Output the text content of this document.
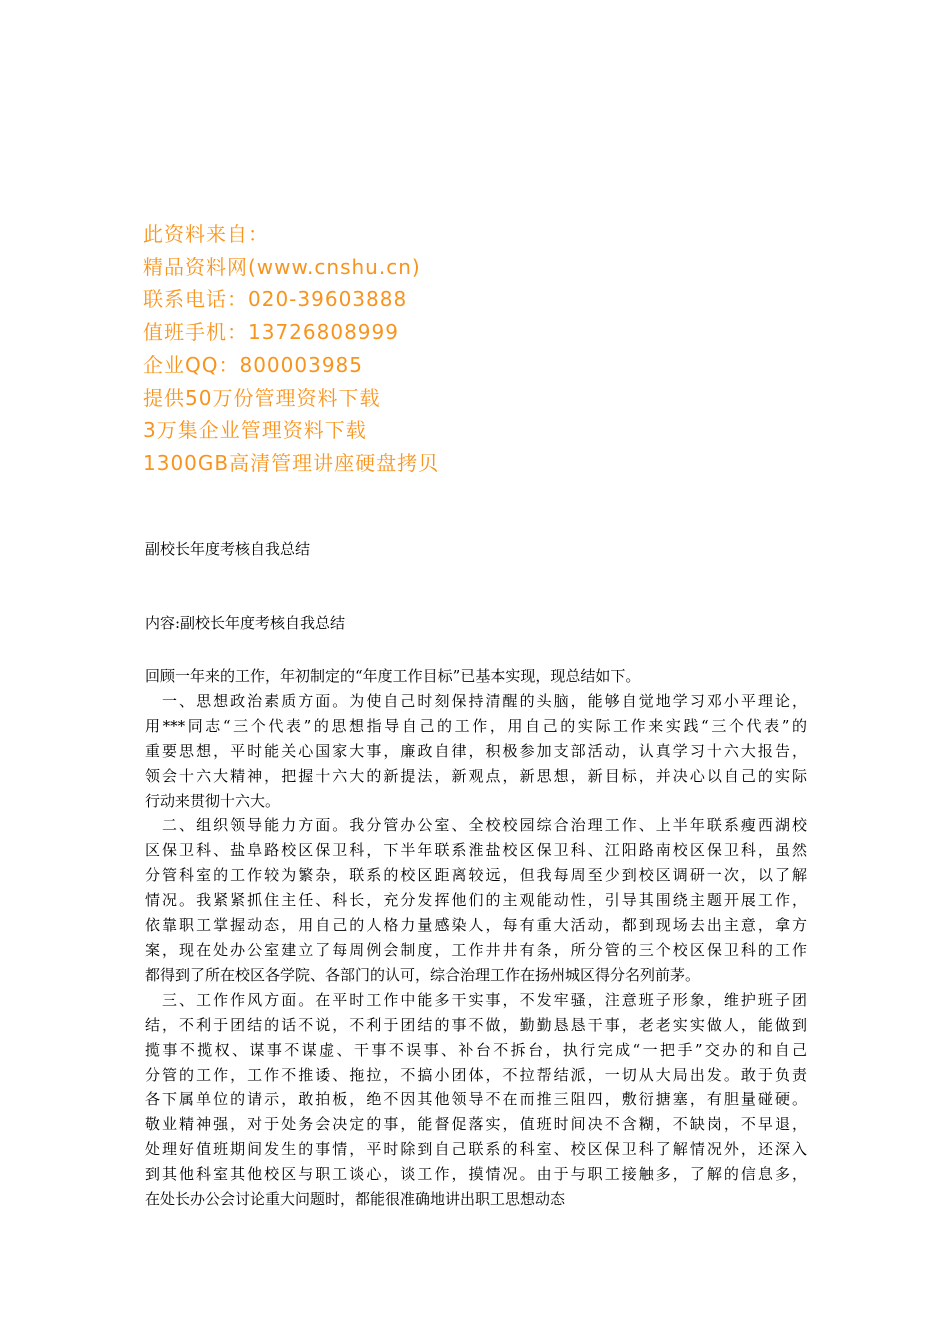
此资料来自：
精品资料网(www.cnshu.cn)
联系电话：020-39603888
值班手机：13726808999
企业QQ：800003985
提供50万份管理资料下载
3万集企业管理资料下载
1300GB高清管理讲座硬盘拷贝
副校长年度考核自我总结
内容:副校长年度考核自我总结
回顾一年来的工作，年初制定的“年度工作目标”已基本实现，现总结如下。
　一、思想政治素质方面。为使自己时刻保持清醒的头脑，能够自觉地学习邓小平理论，
用***同志“三个代表”的思想指导自己的工作，用自己的实际工作来实践“三个代表”的
重要思想，平时能关心国家大事，廉政自律，积极参加支部活动，认真学习十六大报告，
领会十六大精神，把握十六大的新提法，新观点，新思想，新目标，并决心以自己的实际
行动来贯彻十六大。
　二、组织领导能力方面。我分管办公室、全校校园综合治理工作、上半年联系瘦西湖校
区保卫科、盐阜路校区保卫科，下半年联系淮盐校区保卫科、江阳路南校区保卫科，虽然
分管科室的工作较为繁杂，联系的校区距离较远，但我每周至少到校区调研一次，以了解
情况。我紧紧抓住主任、科长，充分发挥他们的主观能动性，引导其围绕主题开展工作，
依靠职工掌握动态，用自己的人格力量感染人，每有重大活动，都到现场去出主意，拿方
案，现在处办公室建立了每周例会制度，工作井井有条，所分管的三个校区保卫科的工作
都得到了所在校区各学院、各部门的认可，综合治理工作在扬州城区得分名列前茅。
　三、工作作风方面。在平时工作中能多干实事，不发牢骚，注意班子形象，维护班子团
结，不利于团结的话不说，不利于团结的事不做，勤勤恳恳干事，老老实实做人，能做到
揽事不揽权、谋事不谋虚、干事不误事、补台不拆台，执行完成“一把手”交办的和自己
分管的工作，工作不推诿、拖拉，不搞小团体，不拉帮结派，一切从大局出发。敢于负责
各下属单位的请示，敢拍板，绝不因其他领导不在而推三阻四，敷衍搪塞，有胆量碰硬。
敬业精神强，对于处务会决定的事，能督促落实，值班时间决不含糊，不缺岗，不早退，
处理好值班期间发生的事情，平时除到自己联系的科室、校区保卫科了解情况外，还深入
到其他科室其他校区与职工谈心，谈工作，摸情况。由于与职工接触多，了解的信息多，
在处长办公会讨论重大问题时，都能很准确地讲出职工思想动态
